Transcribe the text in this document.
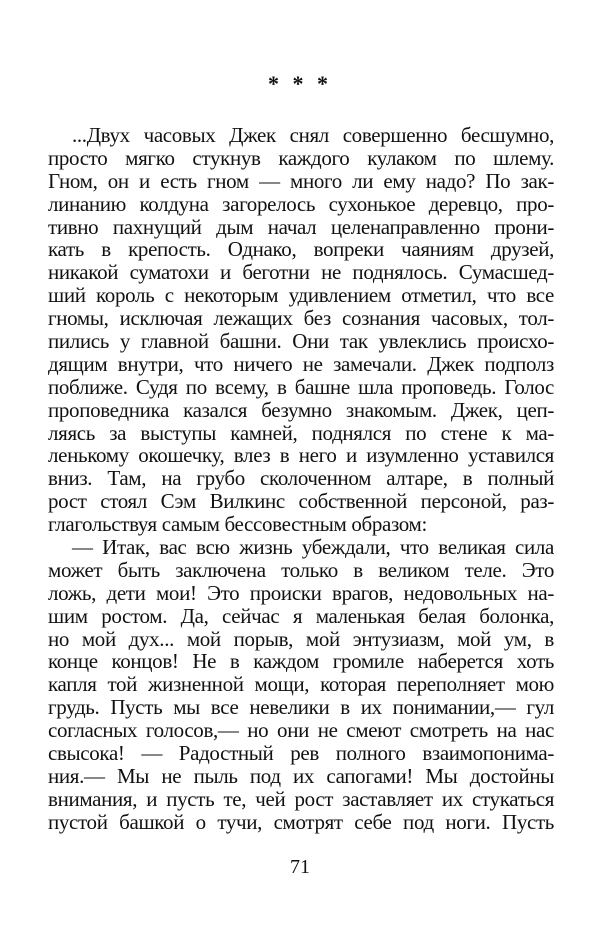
* * *
...Двух часовых Джек снял совершенно бесшумно,
просто мягко стукнув каждого кулаком по шлему.
Гном, он и есть гном — много ли ему надо? По зак-
линанию колдуна загорелось сухонькое деревцо, про-
тивно пахнущий дым начал целенаправленно прони-
кать в крепость. Однако, вопреки чаяниям друзей,
никакой суматохи и беготни не поднялось. Сумасшед-
ший король с некоторым удивлением отметил, что все
гномы, исключая лежащих без сознания часовых, тол-
пились у главной башни. Они так увлеклись происхо-
дящим внутри, что ничего не замечали. Джек подполз
поближе. Судя по всему, в башне шла проповедь. Голос
проповедника казался безумно знакомым. Джек, цеп-
ляясь за выступы камней, поднялся по стене к ма-
ленькому окошечку, влез в него и изумленно уставился
вниз. Там, на грубо сколоченном алтаре, в полный
рост стоял Сэм Вилкинс собственной персоной, раз-
глагольствуя самым бессовестным образом:
— Итак, вас всю жизнь убеждали, что великая сила
может быть заключена только в великом теле. Это
ложь, дети мои! Это происки врагов, недовольных на-
шим ростом. Да, сейчас я маленькая белая болонка,
но мой дух... мой порыв, мой энтузиазм, мой ум, в
конце концов! Не в каждом громиле наберется хоть
капля той жизненной мощи, которая переполняет мою
грудь. Пусть мы все невелики в их понимании,— гул
согласных голосов,— но они не смеют смотреть на нас
свысока! — Радостный рев полного взаимопонима-
ния.— Мы не пыль под их сапогами! Мы достойны
внимания, и пусть те, чей рост заставляет их стукаться
пустой башкой о тучи, смотрят себе под ноги. Пусть
71
